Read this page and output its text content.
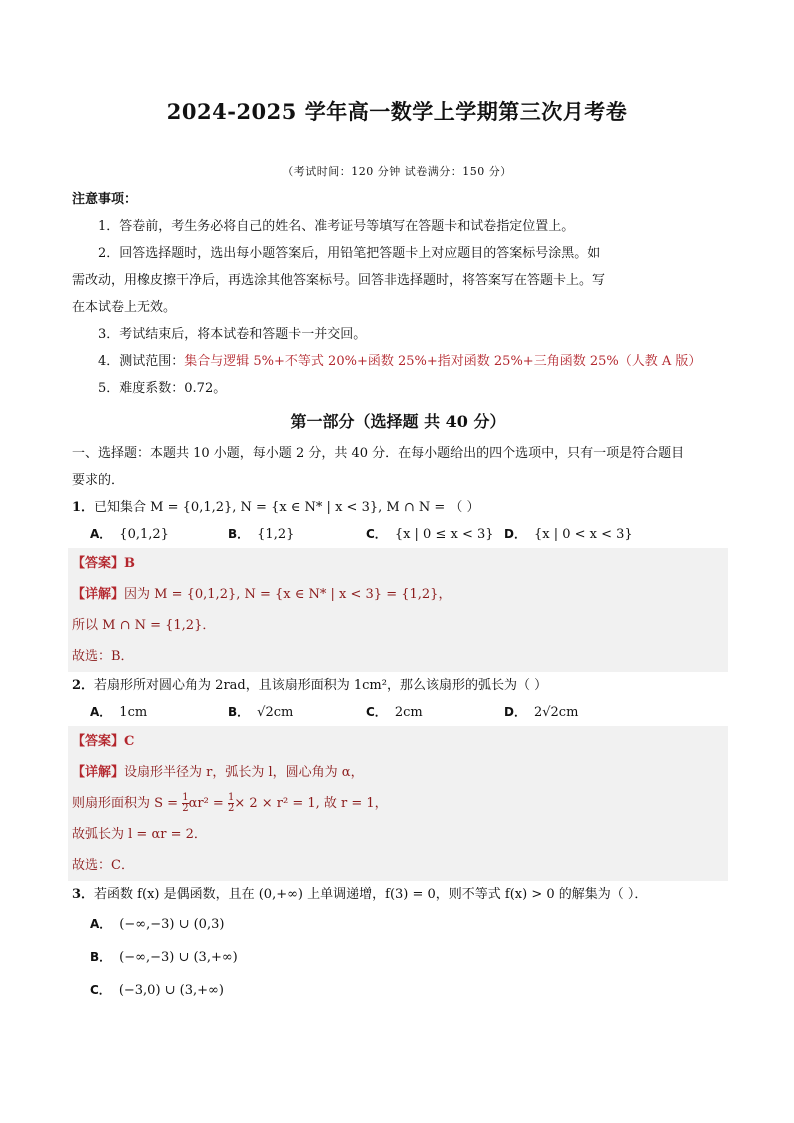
2024-2025 学年高一数学上学期第三次月考卷
（考试时间：120 分钟 试卷满分：150 分）
注意事项：
1．答卷前，考生务必将自己的姓名、准考证号等填写在答题卡和试卷指定位置上。
2．回答选择题时，选出每小题答案后，用铅笔把答题卡上对应题目的答案标号涂黑。如
需改动，用橡皮擦干净后，再选涂其他答案标号。回答非选择题时，将答案写在答题卡上。写
在本试卷上无效。
3．考试结束后，将本试卷和答题卡一并交回。
4．测试范围：集合与逻辑 5%+不等式 20%+函数 25%+指对函数 25%+三角函数 25%（人教 A 版）
5．难度系数：0.72。
第一部分（选择题 共 40 分）
一、选择题：本题共 10 小题，每小题 2 分，共 40 分．在每小题给出的四个选项中，只有一项是符合题目
要求的．
1．已知集合 M = {0,1,2}, N = {x ∈ N* | x < 3}, M ∩ N = （ ）
A． {0,1,2}	B． {1,2}	C． {x | 0 ≤ x < 3} D． {x | 0 < x < 3}
【答案】B
【详解】因为 M = {0,1,2}, N = {x ∈ N* | x < 3} = {1,2}，
所以 M ∩ N = {1,2}．
故选：B．
2．若扇形所对圆心角为 2rad，且该扇形面积为 1cm²，那么该扇形的弧长为（ ）
A． 1cm	B． √2cm	C． 2cm	D． 2√2cm
【答案】C
【详解】设扇形半径为 r，弧长为 l，圆心角为 α，
则扇形面积为 $S = \frac{1}{2} \alpha r^2 = \frac{1}{2} \times 2 \times r^2 = 1$, 故 r = 1，
故弧长为 l = αr = 2．
故选：C．
3．若函数 f(x) 是偶函数，且在 (0,+∞) 上单调递增，f(3) = 0，则不等式 f(x) > 0 的解集为（ ）．
A． (−∞,−3) ∪ (0,3)
B． (−∞,−3) ∪ (3,+∞)
C． (−3,0) ∪ (3,+∞)
